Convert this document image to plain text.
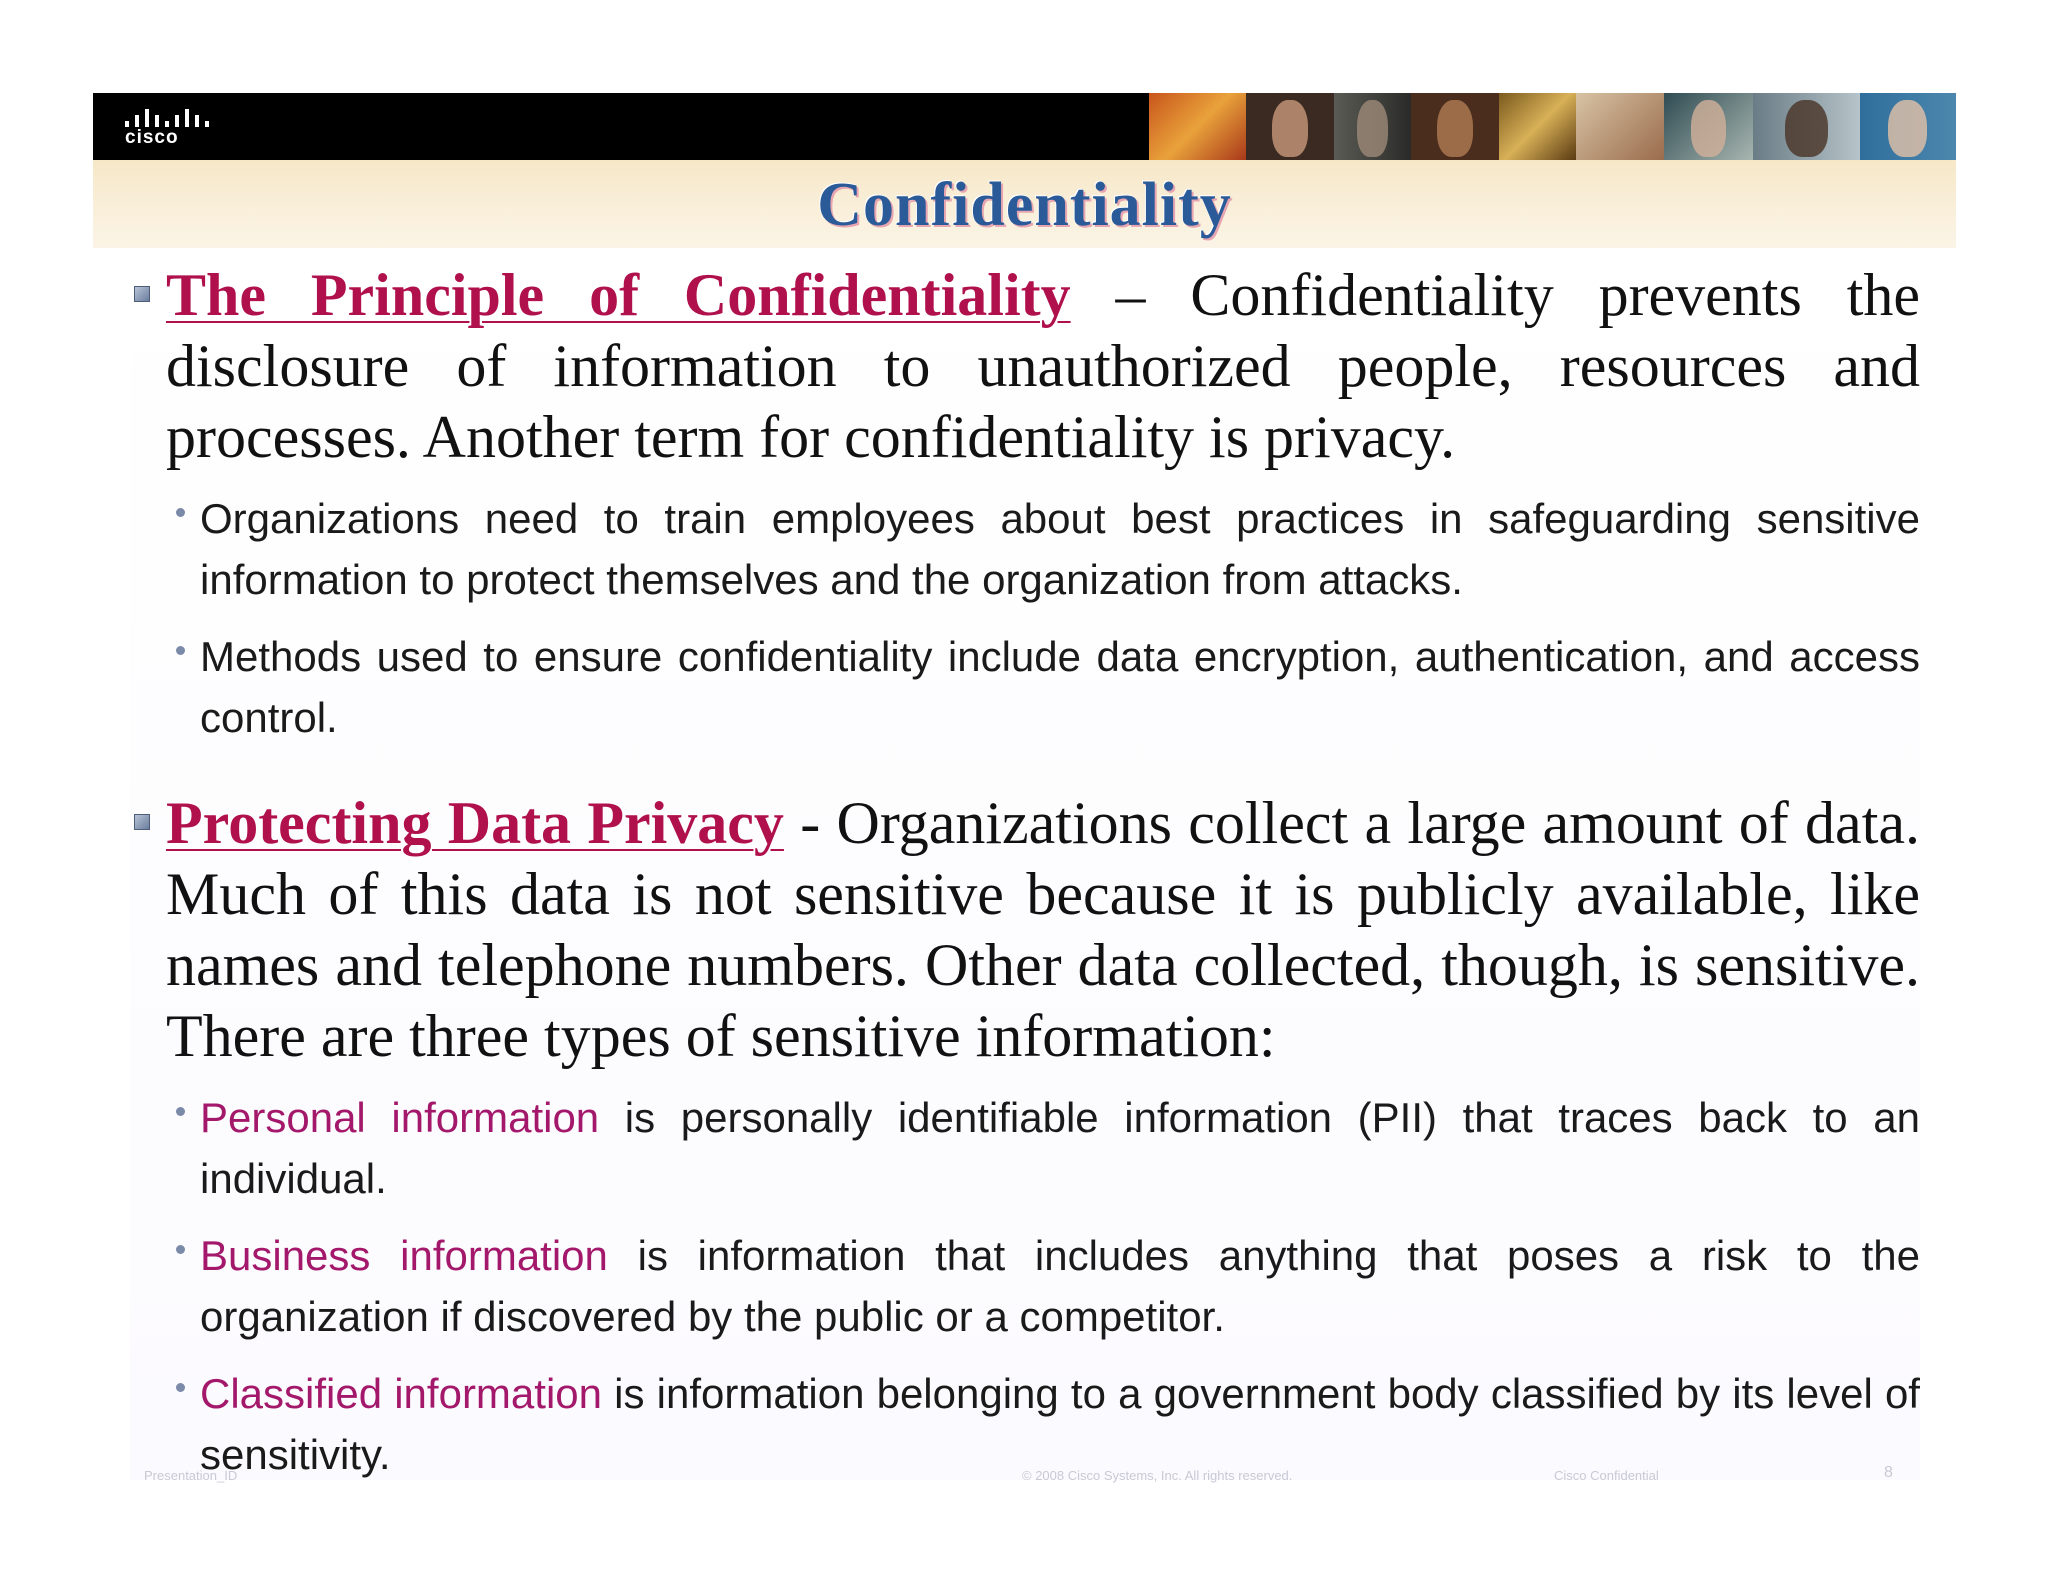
cisco
Confidentiality

The Principle of Confidentiality – Confidentiality prevents the disclosure of information to unauthorized people, resources and processes. Another term for confidentiality is privacy.

Organizations need to train employees about best practices in safeguarding sensitive information to protect themselves and the organization from attacks.

Methods used to ensure confidentiality include data encryption, authentication, and access control.

Protecting Data Privacy - Organizations collect a large amount of data. Much of this data is not sensitive because it is publicly available, like names and telephone numbers. Other data collected, though, is sensitive. There are three types of sensitive information:

Personal information is personally identifiable information (PII) that traces back to an individual.

Business information is information that includes anything that poses a risk to the organization if discovered by the public or a competitor.

Classified information is information belonging to a government body classified by its level of sensitivity.

Presentation_ID	© 2008 Cisco Systems, Inc. All rights reserved.	Cisco Confidential	8
